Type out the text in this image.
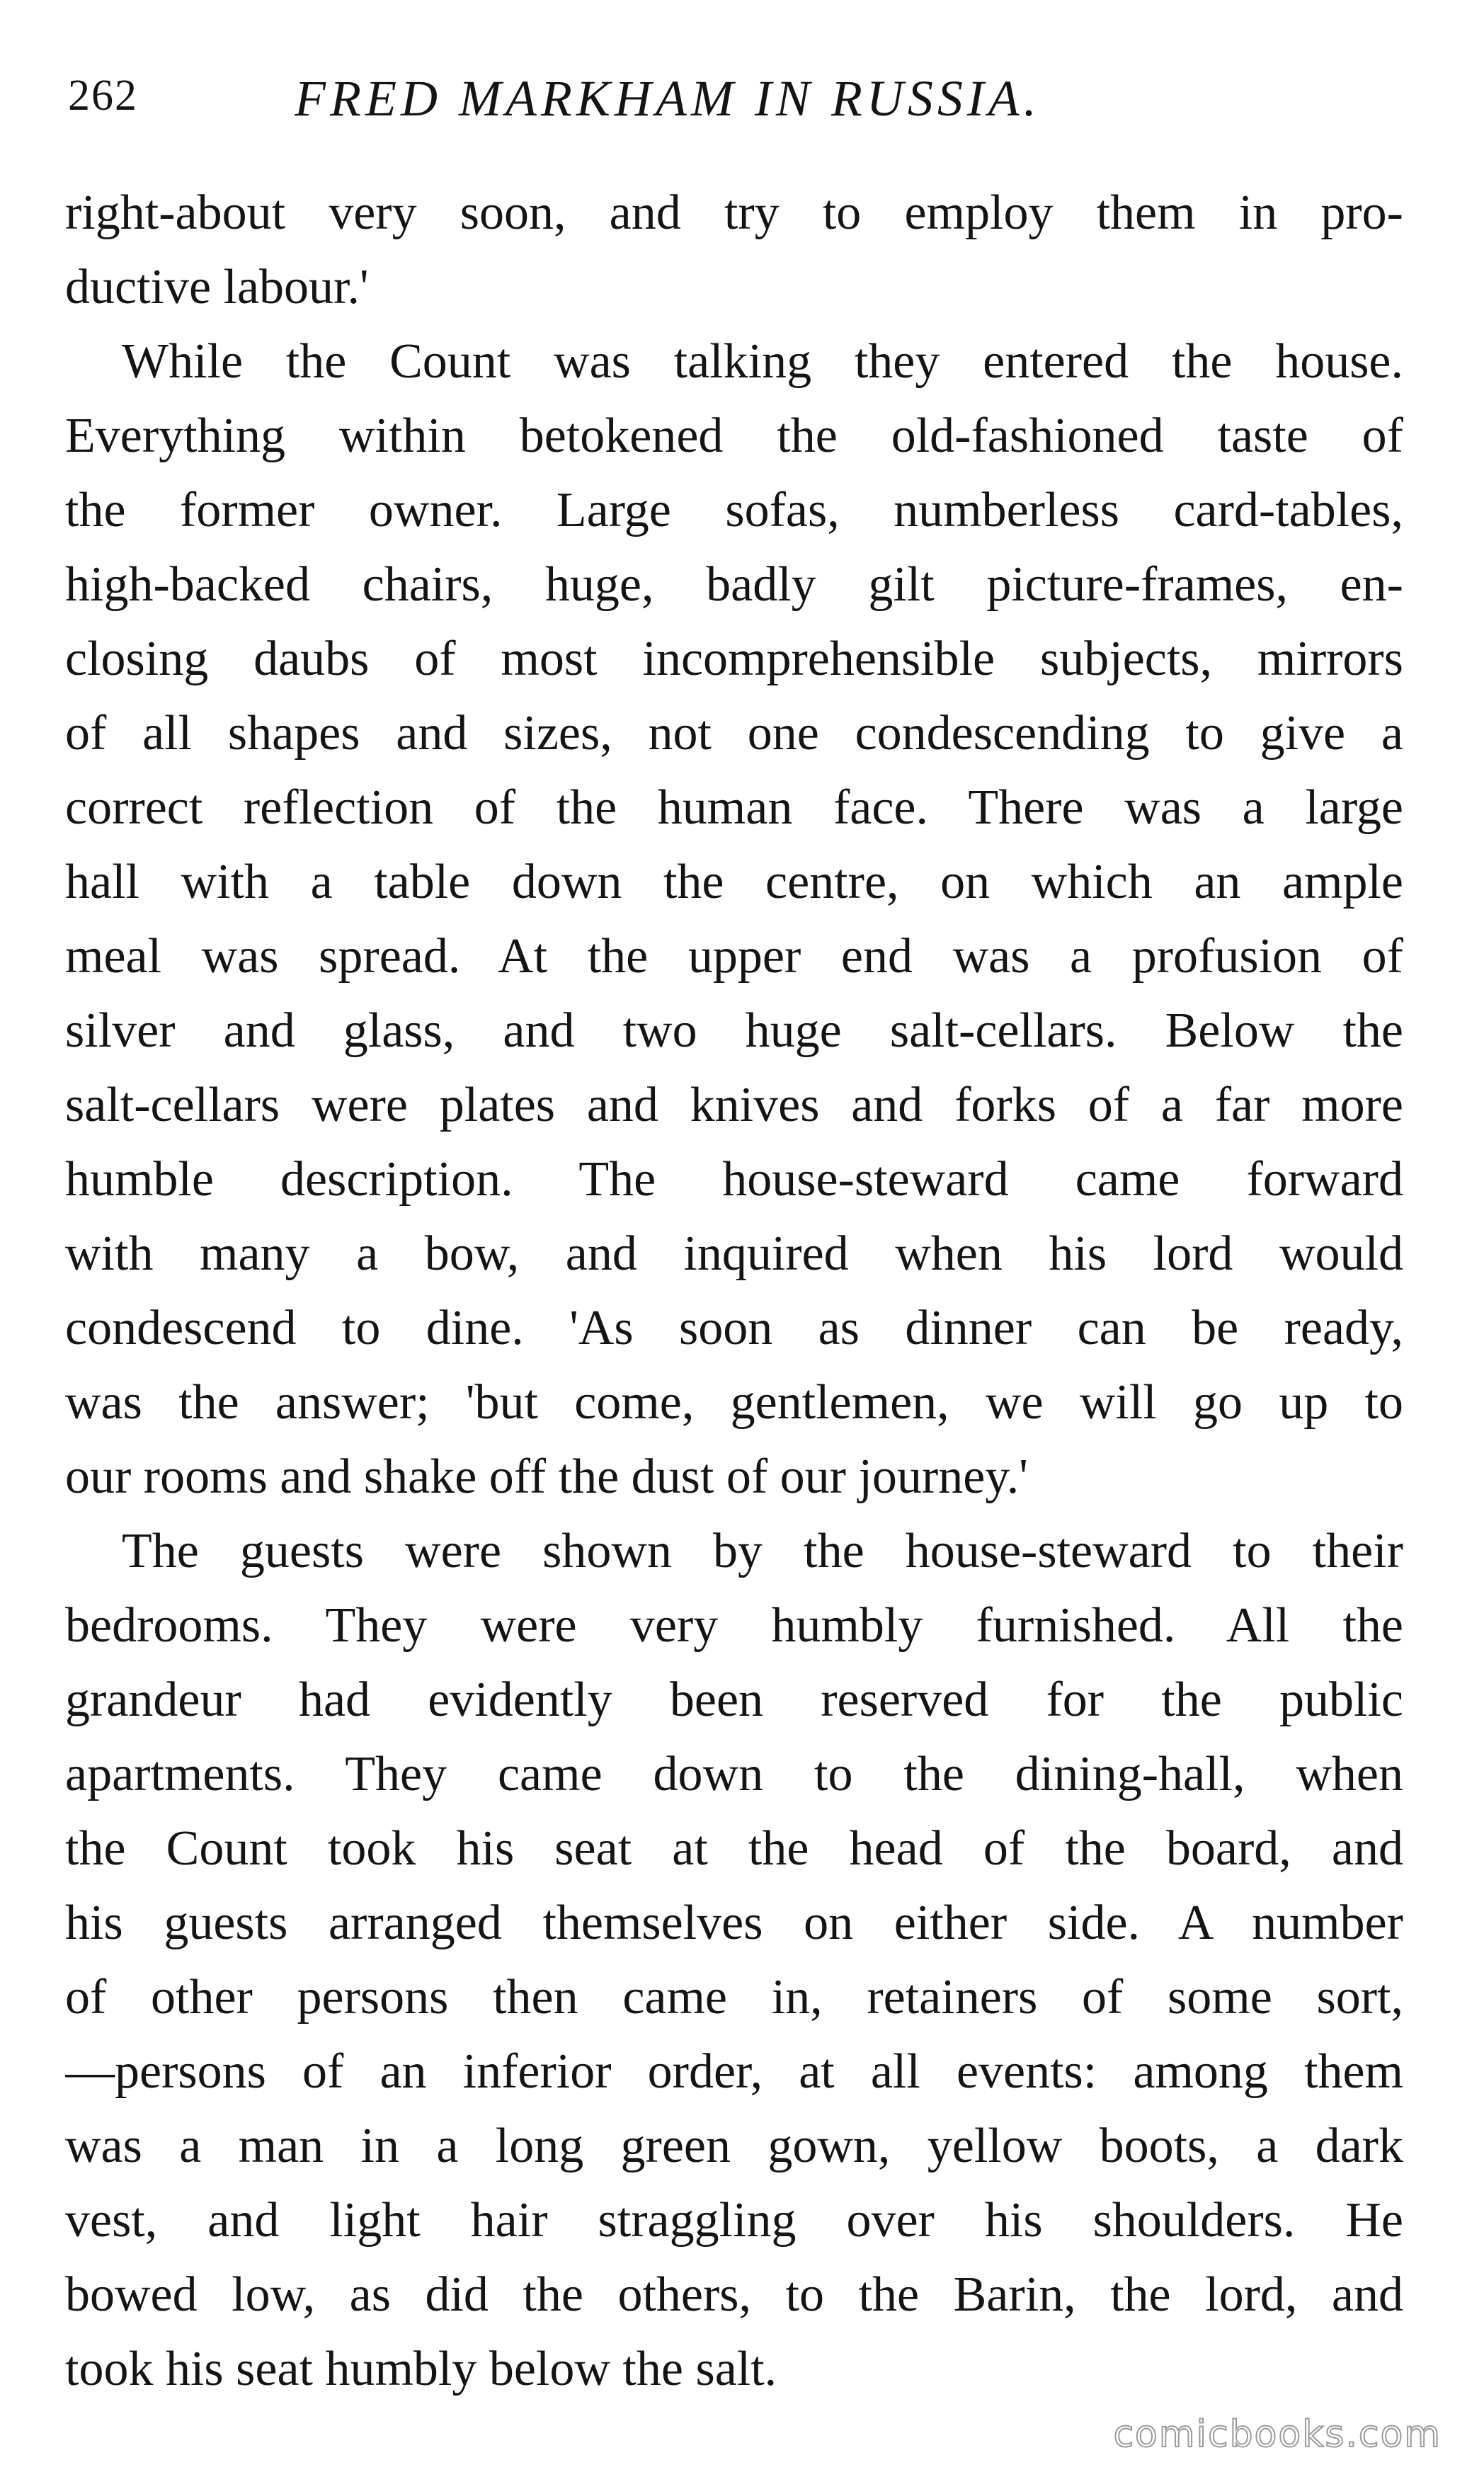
262	FRED MARKHAM IN RUSSIA.
right-about very soon, and try to employ them in pro-
ductive labour.'
While the Count was talking they entered the house.
Everything within betokened the old-fashioned taste of
the former owner. Large sofas, numberless card-tables,
high-backed chairs, huge, badly gilt picture-frames, en-
closing daubs of most incomprehensible subjects, mirrors
of all shapes and sizes, not one condescending to give a
correct reflection of the human face. There was a large
hall with a table down the centre, on which an ample
meal was spread. At the upper end was a profusion of
silver and glass, and two huge salt-cellars. Below the
salt-cellars were plates and knives and forks of a far more
humble description. The house-steward came forward
with many a bow, and inquired when his lord would
condescend to dine. 'As soon as dinner can be ready,
was the answer; 'but come, gentlemen, we will go up to
our rooms and shake off the dust of our journey.'
The guests were shown by the house-steward to their
bedrooms. They were very humbly furnished. All the
grandeur had evidently been reserved for the public
apartments. They came down to the dining-hall, when
the Count took his seat at the head of the board, and
his guests arranged themselves on either side. A number
of other persons then came in, retainers of some sort,
—persons of an inferior order, at all events: among them
was a man in a long green gown, yellow boots, a dark
vest, and light hair straggling over his shoulders. He
bowed low, as did the others, to the Barin, the lord, and
took his seat humbly below the salt.
comicbooks.com
